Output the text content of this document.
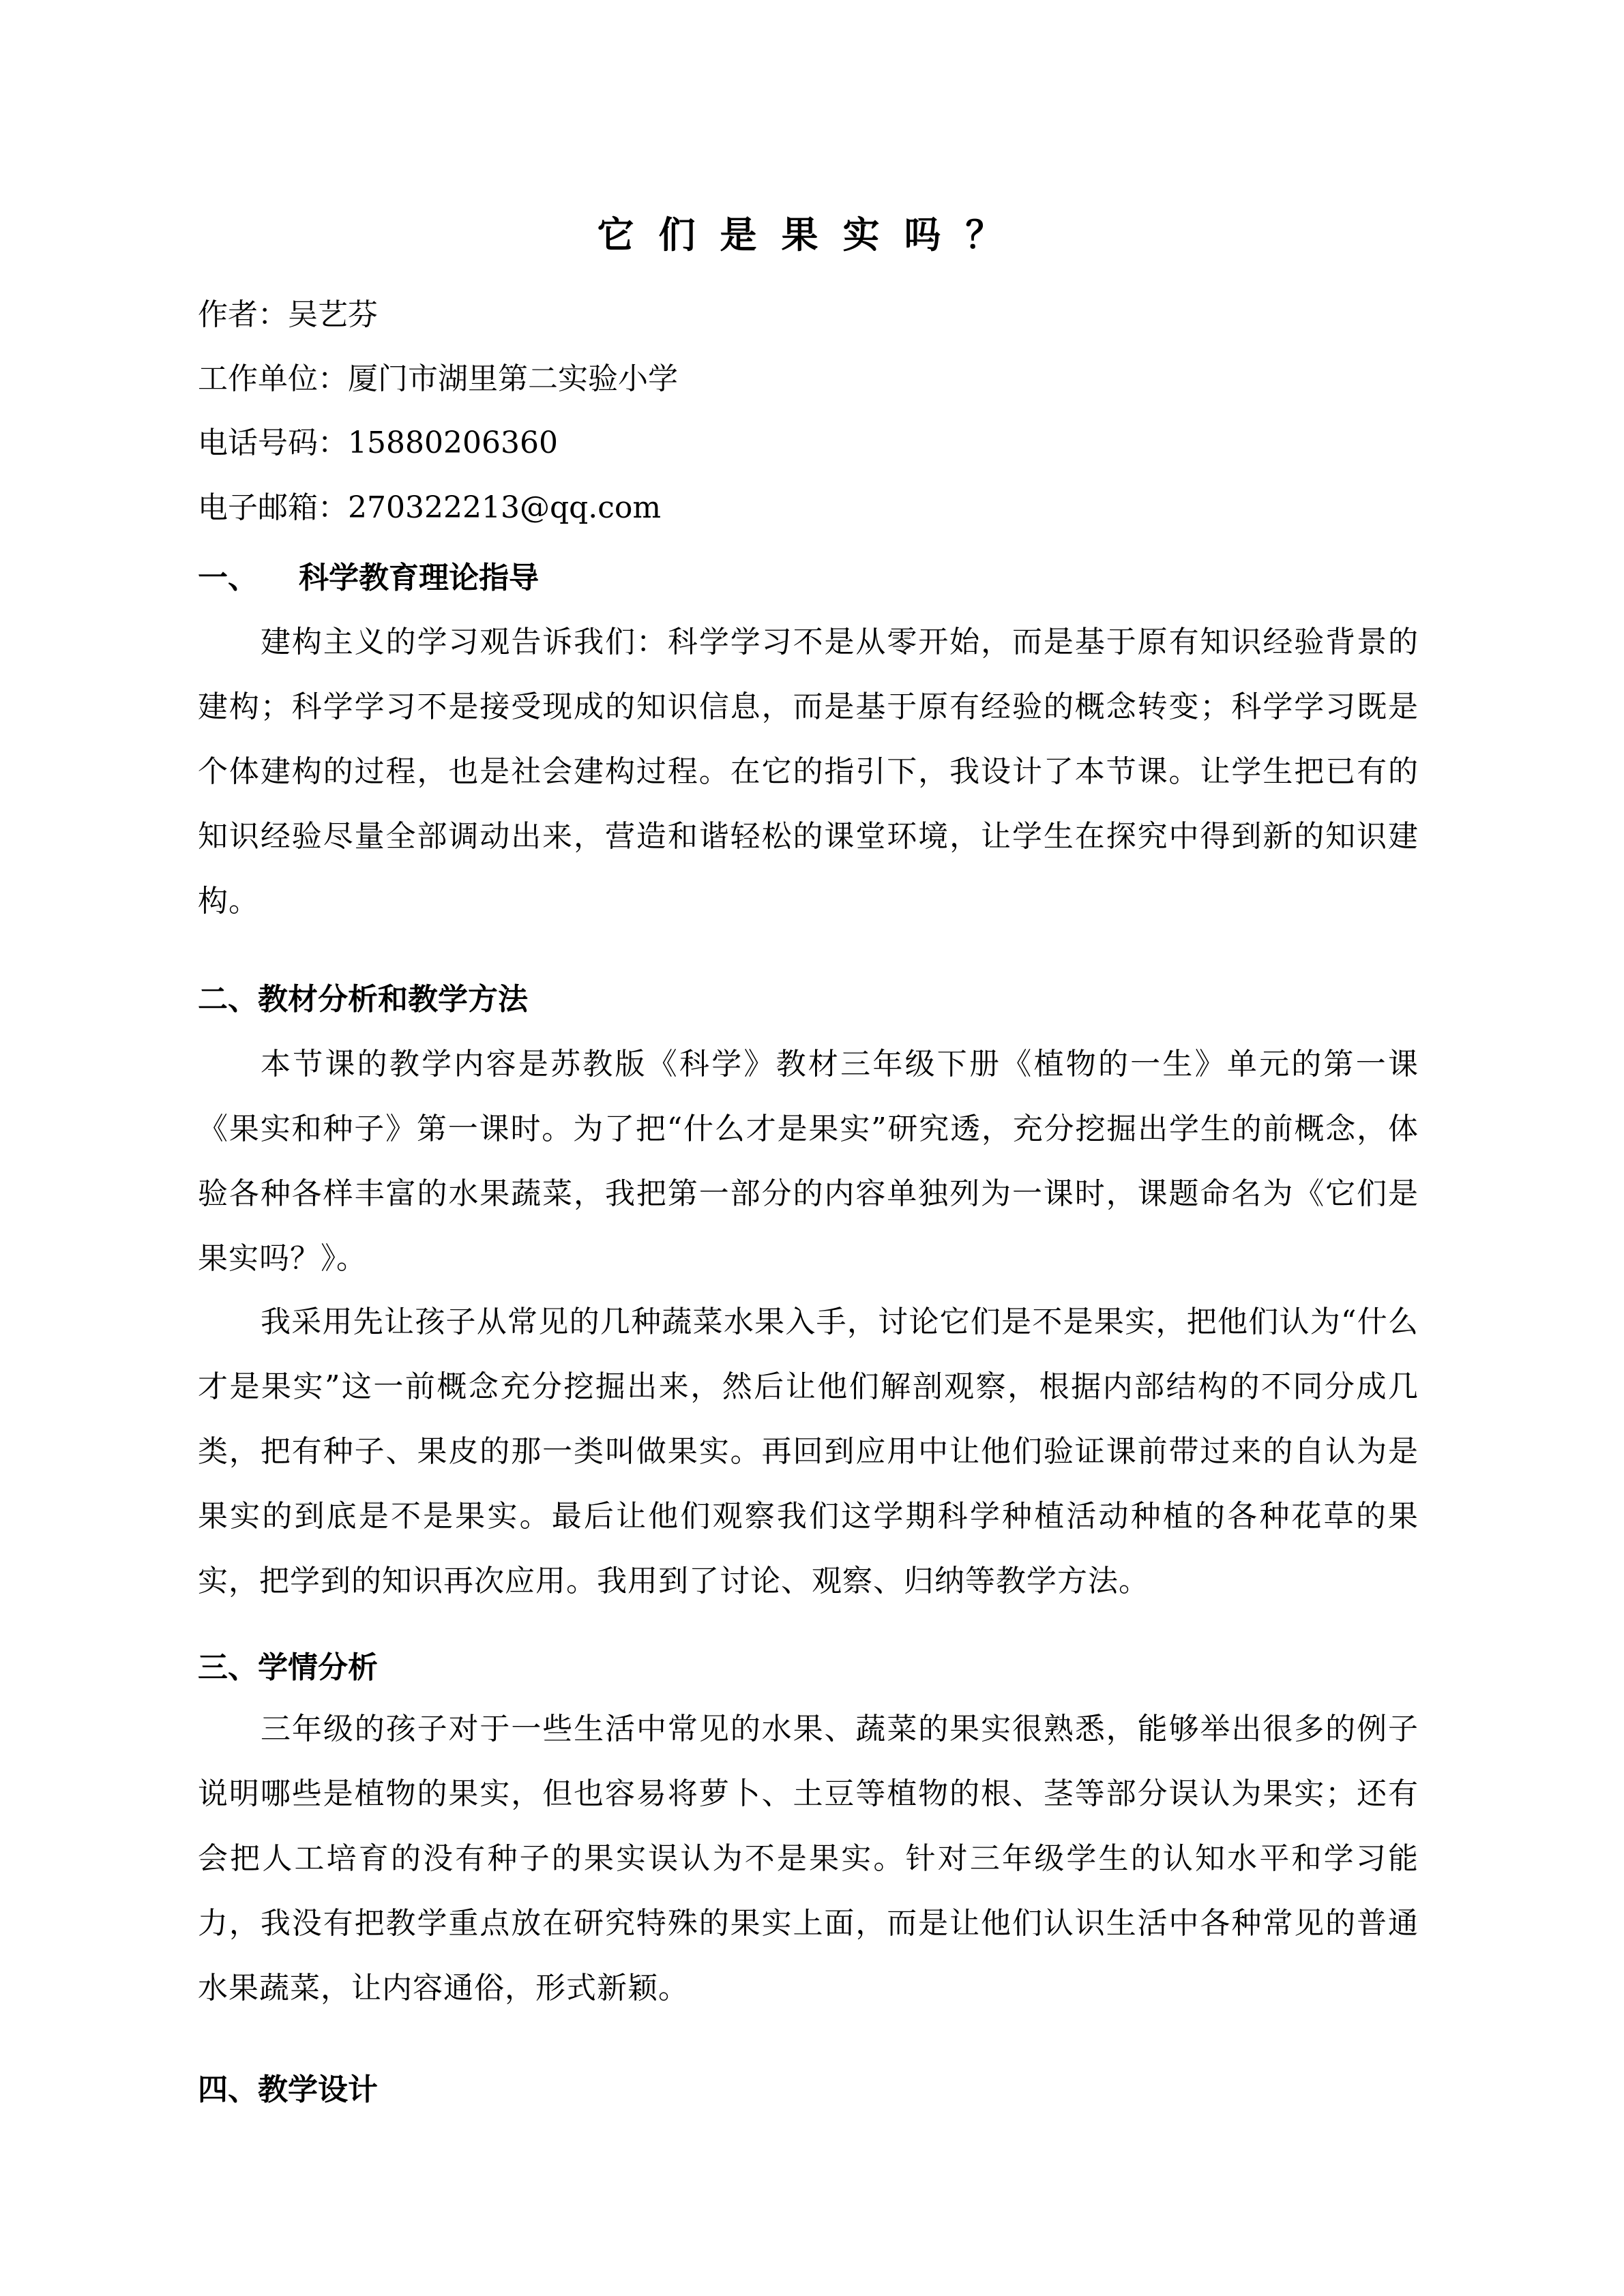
它们是果实吗？
作者：吴艺芬
工作单位：厦门市湖里第二实验小学
电话号码：15880206360
电子邮箱：270322213@qq.com
一、 科学教育理论指导

建构主义的学习观告诉我们：科学学习不是从零开始，而是基于原有知识经验背景的建构；科学学习不是接受现成的知识信息，而是基于原有经验的概念转变；科学学习既是个体建构的过程，也是社会建构过程。在它的指引下，我设计了本节课。让学生把已有的知识经验尽量全部调动出来，营造和谐轻松的课堂环境，让学生在探究中得到新的知识建构。

二、教材分析和教学方法

本节课的教学内容是苏教版《科学》教材三年级下册《植物的一生》单元的第一课《果实和种子》第一课时。为了把“什么才是果实”研究透，充分挖掘出学生的前概念，体验各种各样丰富的水果蔬菜，我把第一部分的内容单独列为一课时，课题命名为《它们是果实吗？》。

我采用先让孩子从常见的几种蔬菜水果入手，讨论它们是不是果实，把他们认为“什么才是果实”这一前概念充分挖掘出来，然后让他们解剖观察，根据内部结构的不同分成几类，把有种子、果皮的那一类叫做果实。再回到应用中让他们验证课前带过来的自认为是果实的到底是不是果实。最后让他们观察我们这学期科学种植活动种植的各种花草的果实，把学到的知识再次应用。我用到了讨论、观察、归纳等教学方法。

三、学情分析

三年级的孩子对于一些生活中常见的水果、蔬菜的果实很熟悉，能够举出很多的例子说明哪些是植物的果实，但也容易将萝卜、土豆等植物的根、茎等部分误认为果实；还有会把人工培育的没有种子的果实误认为不是果实。针对三年级学生的认知水平和学习能力，我没有把教学重点放在研究特殊的果实上面，而是让他们认识生活中各种常见的普通水果蔬菜，让内容通俗，形式新颖。

四、教学设计
